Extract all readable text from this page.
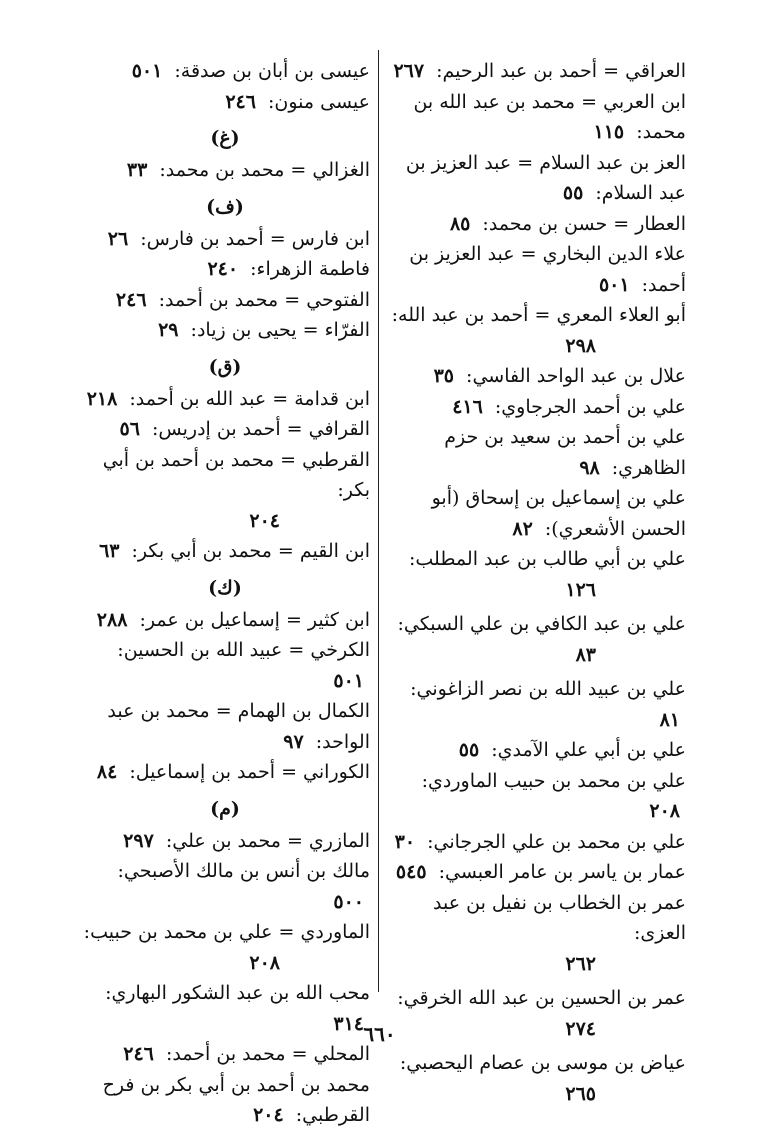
العراقي = أحمد بن عبد الرحيم: ٢٦٧

ابن العربي = محمد بن عبد الله بن محمد: ١١٥

العز بن عبد السلام = عبد العزيز بن عبد السلام: ٥٥

العطار = حسن بن محمد: ٨٥

علاء الدين البخاري = عبد العزيز بن أحمد: ٥٠١

أبو العلاء المعري = أحمد بن عبد الله:
٢٩٨

علال بن عبد الواحد الفاسي: ٣٥

علي بن أحمد الجرجاوي: ٤١٦

علي بن أحمد بن سعيد بن حزم الظاهري: ٩٨

علي بن إسماعيل بن إسحاق (أبو الحسن الأشعري): ٨٢

علي بن أبي طالب بن عبد المطلب:
١٢٦

علي بن عبد الكافي بن علي السبكي:
٨٣

علي بن عبيد الله بن نصر الزاغوني: ٨١

علي بن أبي علي الآمدي: ٥٥

علي بن محمد بن حبيب الماوردي: ٢٠٨

علي بن محمد بن علي الجرجاني: ٣٠

عمار بن ياسر بن عامر العبسي: ٥٤٥

عمر بن الخطاب بن نفيل بن عبد العزى:
٢٦٢

عمر بن الحسين بن عبد الله الخرقي:
٢٧٤

عياض بن موسى بن عصام اليحصبي:
٢٦٥

عيسى بن أبان بن صدقة: ٥٠١

عيسى منون: ٢٤٦

(غ)

الغزالي = محمد بن محمد: ٣٣

(ف)

ابن فارس = أحمد بن فارس: ٢٦

فاطمة الزهراء: ٢٤٠

الفتوحي = محمد بن أحمد: ٢٤٦

الفرّاء = يحيى بن زياد: ٢٩

(ق)

ابن قدامة = عبد الله بن أحمد: ٢١٨

القرافي = أحمد بن إدريس: ٥٦

القرطبي = محمد بن أحمد بن أبي بكر:
٢٠٤

ابن القيم = محمد بن أبي بكر: ٦٣

(ك)

ابن كثير = إسماعيل بن عمر: ٢٨٨

الكرخي = عبيد الله بن الحسين: ٥٠١

الكمال بن الهمام = محمد بن عبد الواحد: ٩٧

الكوراني = أحمد بن إسماعيل: ٨٤

(م)

المازري = محمد بن علي: ٢٩٧

مالك بن أنس بن مالك الأصبحي: ٥٠٠

الماوردي = علي بن محمد بن حبيب:
٢٠٨

محب الله بن عبد الشكور البهاري: ٣١٤

المحلي = محمد بن أحمد: ٢٤٦

محمد بن أحمد بن أبي بكر بن فرح القرطبي: ٢٠٤

٦٦٠
